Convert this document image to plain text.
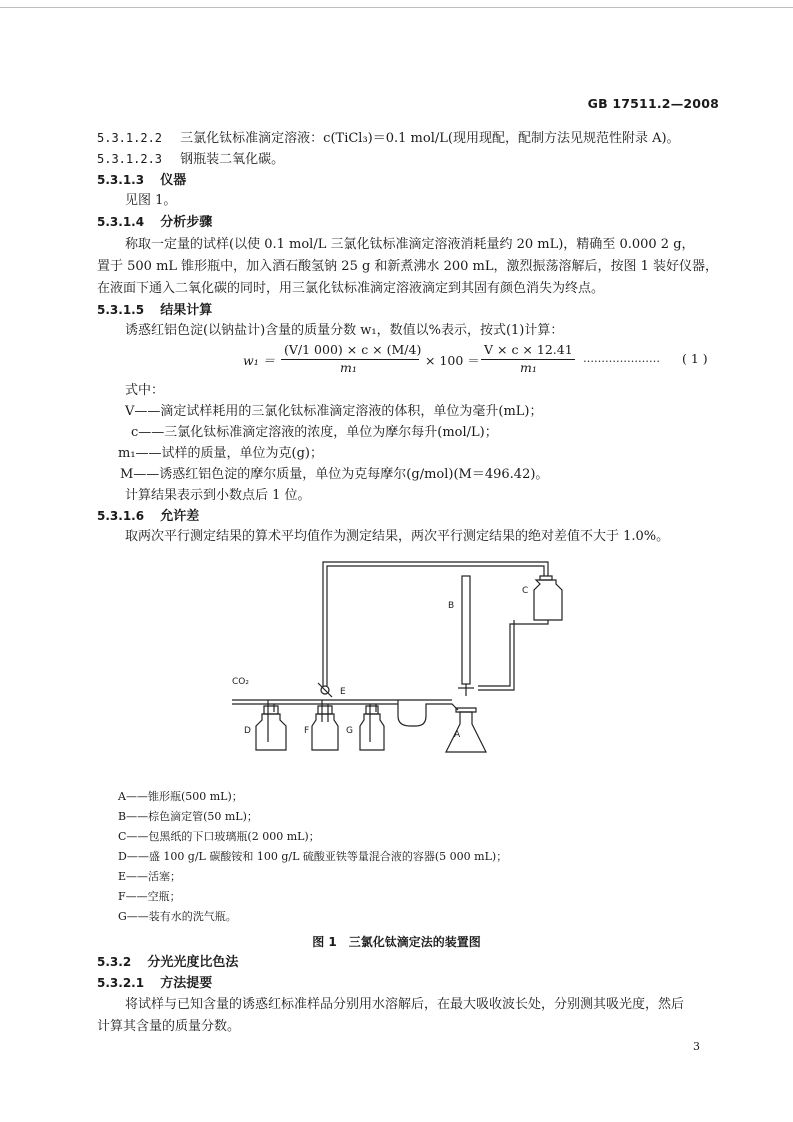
GB 17511.2—2008
5.3.1.2.2 三氯化钛标准滴定溶液：c(TiCl₃)＝0.1 mol/L(现用现配，配制方法见规范性附录 A)。
5.3.1.2.3 钢瓶装二氧化碳。
5.3.1.3 仪器
见图 1。
5.3.1.4 分析步骤
称取一定量的试样(以使 0.1 mol/L 三氯化钛标准滴定溶液消耗量约 20 mL)，精确至 0.000 2 g，
置于 500 mL 锥形瓶中，加入酒石酸氢钠 25 g 和新煮沸水 200 mL，激烈振荡溶解后，按图 1 装好仪器，
在液面下通入二氧化碳的同时，用三氯化钛标准滴定溶液滴定到其固有颜色消失为终点。
5.3.1.5 结果计算
诱惑红铝色淀(以钠盐计)含量的质量分数 w₁，数值以%表示，按式(1)计算：
w₁ ＝
(V/1 000) × c × (M/4)
m₁	× 100 ＝
V × c × 12.41
m₁
………………… ( 1 )
式中：
V——滴定试样耗用的三氯化钛标准滴定溶液的体积，单位为毫升(mL)；
c——三氯化钛标准滴定溶液的浓度，单位为摩尔每升(mol/L)；
m₁——试样的质量，单位为克(g)；
M——诱惑红铝色淀的摩尔质量，单位为克每摩尔(g/mol)(M＝496.42)。
计算结果表示到小数点后 1 位。
5.3.1.6 允许差
取两次平行测定结果的算术平均值作为测定结果，两次平行测定结果的绝对差值不大于 1.0%。
CO₂
A
B
C
D
E
F	G
A——锥形瓶(500 mL)；
B——棕色滴定管(50 mL)；
C——包黑纸的下口玻璃瓶(2 000 mL)；
D——盛 100 g/L 碳酸铵和 100 g/L 硫酸亚铁等量混合液的容器(5 000 mL)；
E——活塞；
F——空瓶；
G——装有水的洗气瓶。
图 1　三氯化钛滴定法的装置图
5.3.2 分光光度比色法
5.3.2.1 方法提要
将试样与已知含量的诱惑红标准样品分别用水溶解后，在最大吸收波长处，分别测其吸光度，然后
计算其含量的质量分数。
3
